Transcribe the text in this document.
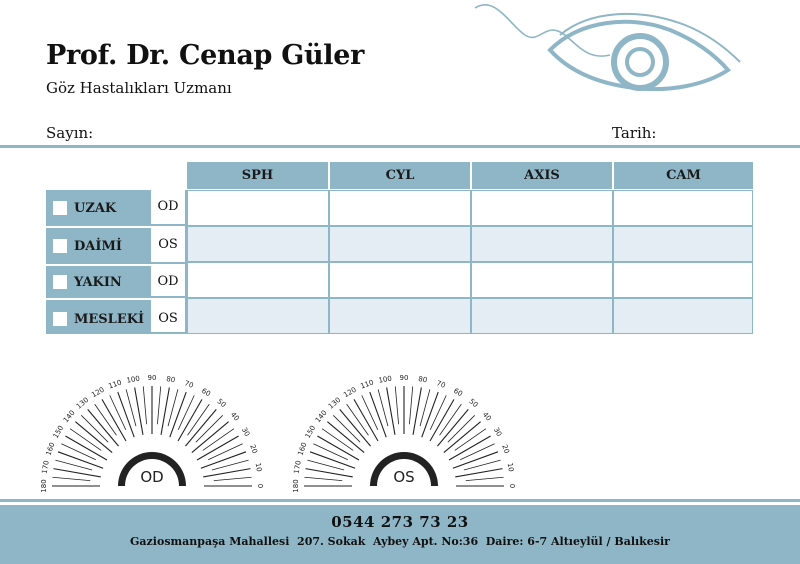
Prof. Dr. Cenap Güler
Göz Hastalıkları Uzmanı
Sayın:	Tarih:
SPH	CYL	AXIS	CAM
UZAK	OD
DAİMİ	OS
YAKIN	OD
MESLEKİ	OS
180
170
160
150
140
130
120
110 100 90 80 70
60
50
40
30
20
10
0
OD	180
170
160
150
140
130
120
110 100 90 80 70
60
50
40
30
20
10
0
OS
0544 273 73 23
Gaziosmanpaşa Mahallesi  207. Sokak  Aybey Apt. No:36  Daire: 6-7 Altıeylül / Balıkesir
